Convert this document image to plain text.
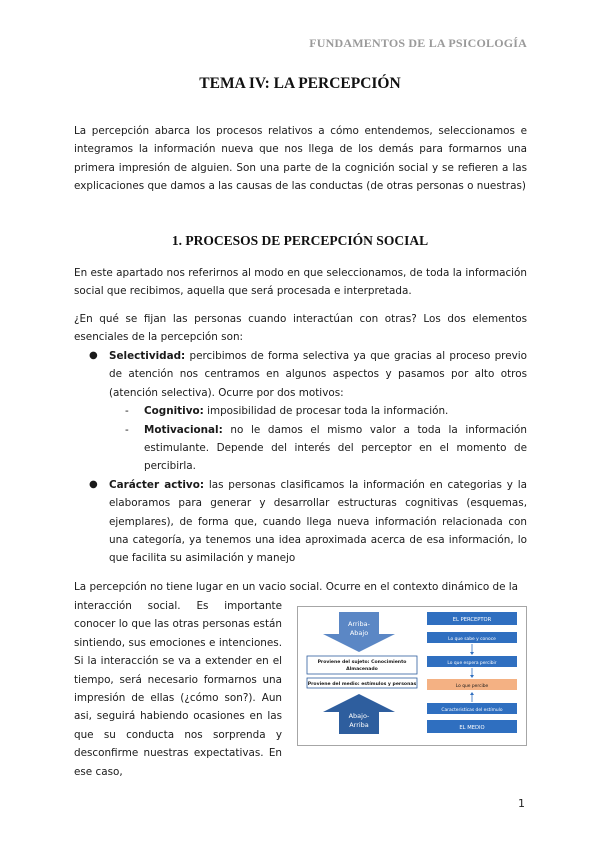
FUNDAMENTOS DE LA PSICOLOGÍA
TEMA IV: LA PERCEPCIÓN

La percepción abarca los procesos relativos a cómo entendemos, seleccionamos e integramos la información nueva que nos llega de los demás para formarnos una primera impresión de alguien. Son una parte de la cognición social y se refieren a las explicaciones que damos a las causas de las conductas (de otras personas o nuestras)

1. PROCESOS DE PERCEPCIÓN SOCIAL

En este apartado nos referirnos al modo en que seleccionamos, de toda la información social que recibimos, aquella que será procesada e interpretada.

¿En qué se fijan las personas cuando interactúan con otras? Los dos elementos esenciales de la percepción son:

● Selectividad: percibimos de forma selectiva ya que gracias al proceso previo de atención nos centramos en algunos aspectos y pasamos por alto otros (atención selectiva). Ocurre por dos motivos:
- Cognitivo: imposibilidad de procesar toda la información.
- Motivacional: no le damos el mismo valor a toda la información estimulante. Depende del interés del perceptor en el momento de percibirla.
● Carácter activo: las personas clasificamos la información en categorias y la elaboramos para generar y desarrollar estructuras cognitivas (esquemas, ejemplares), de forma que, cuando llega nueva información relacionada con una categoría, ya tenemos una idea aproximada acerca de esa información, lo que facilita su asimilación y manejo

La percepción no tiene lugar en un vacio social. Ocurre en el contexto dinámico de la

interacción social. Es importante conocer lo que las otras personas están sintiendo, sus emociones e intenciones. Si la interacción se va a extender en el tiempo, será necesario formarnos una impresión de ellas (¿cómo son?). Aun asi, seguirá habiendo ocasiones en las que su conducta nos sorprenda y desconfirme nuestras expectativas. En ese caso,

Arriba-
Abajo
Proviene del sujeto: Conocimiento
Almacenado
Proviene del medio: estímulos y personas
Abajo-
Arriba
EL PERCEPTOR
Lo que sabe y conoce
Lo que espera percibir
Lo que percibe
Caracteristicas del estímulo
EL MEDIO
1
